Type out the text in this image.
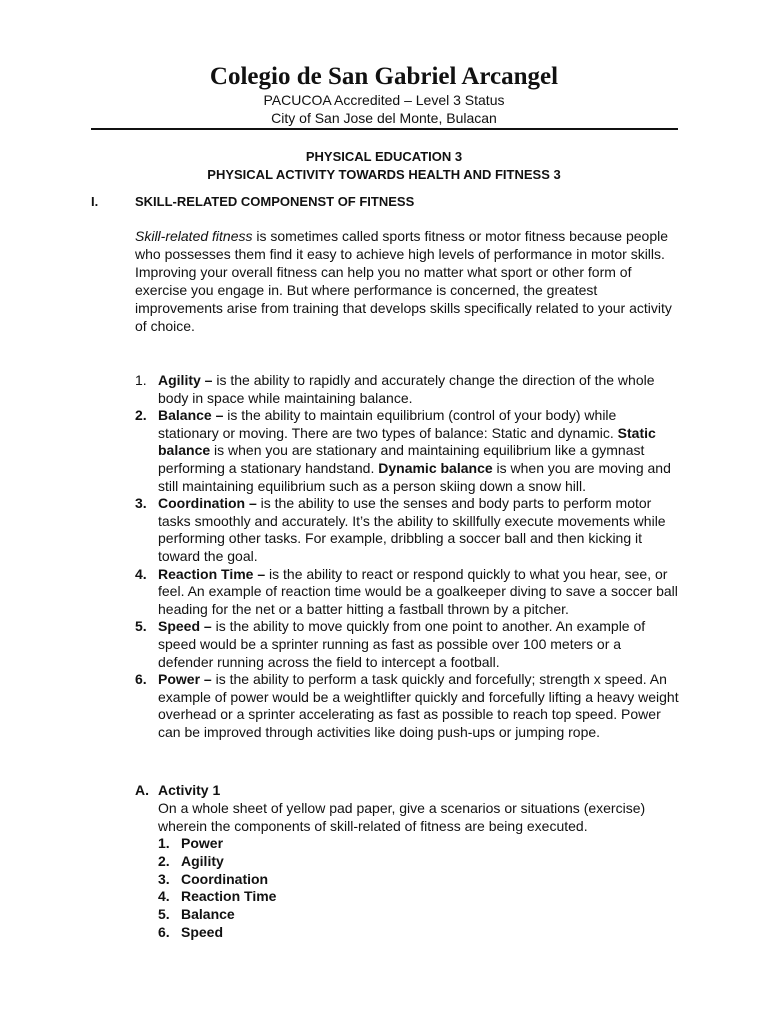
Colegio de San Gabriel Arcangel
PACUCOA Accredited – Level 3 Status
City of San Jose del Monte, Bulacan
PHYSICAL EDUCATION 3
PHYSICAL ACTIVITY TOWARDS HEALTH AND FITNESS 3
I.	SKILL-RELATED COMPONENST OF FITNESS
Skill-related fitness is sometimes called sports fitness or motor fitness because people who possesses them find it easy to achieve high levels of performance in motor skills. Improving your overall fitness can help you no matter what sport or other form of exercise you engage in. But where performance is concerned, the greatest improvements arise from training that develops skills specifically related to your activity of choice.
1. Agility – is the ability to rapidly and accurately change the direction of the whole body in space while maintaining balance.
2. Balance – is the ability to maintain equilibrium (control of your body) while stationary or moving. There are two types of balance: Static and dynamic. Static balance is when you are stationary and maintaining equilibrium like a gymnast performing a stationary handstand. Dynamic balance is when you are moving and still maintaining equilibrium such as a person skiing down a snow hill.
3. Coordination – is the ability to use the senses and body parts to perform motor tasks smoothly and accurately. It’s the ability to skillfully execute movements while performing other tasks. For example, dribbling a soccer ball and then kicking it toward the goal.
4. Reaction Time – is the ability to react or respond quickly to what you hear, see, or feel. An example of reaction time would be a goalkeeper diving to save a soccer ball heading for the net or a batter hitting a fastball thrown by a pitcher.
5. Speed – is the ability to move quickly from one point to another. An example of speed would be a sprinter running as fast as possible over 100 meters or a defender running across the field to intercept a football.
6. Power – is the ability to perform a task quickly and forcefully; strength x speed. An example of power would be a weightlifter quickly and forcefully lifting a heavy weight overhead or a sprinter accelerating as fast as possible to reach top speed. Power can be improved through activities like doing push-ups or jumping rope.
A. Activity 1
On a whole sheet of yellow pad paper, give a scenarios or situations (exercise) wherein the components of skill-related of fitness are being executed.
1. Power
2. Agility
3. Coordination
4. Reaction Time
5. Balance
6. Speed
